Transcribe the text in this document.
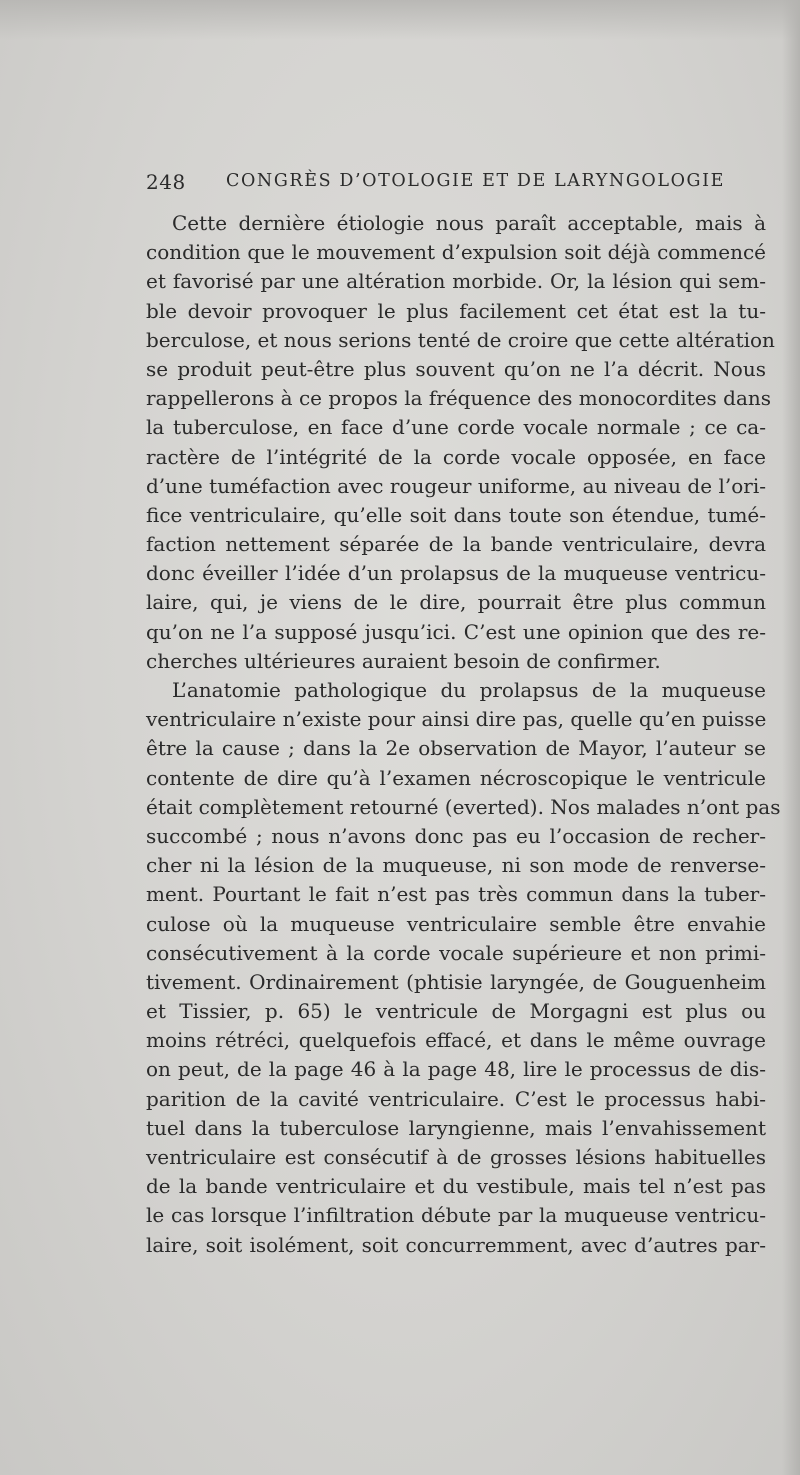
248 CONGRÈS D’OTOLOGIE ET DE LARYNGOLOGIE
Cette dernière étiologie nous paraît acceptable, mais à
condition que le mouvement d’expulsion soit déjà commencé
et favorisé par une altération morbide. Or, la lésion qui sem-
ble devoir provoquer le plus facilement cet état est la tu-
berculose, et nous serions tenté de croire que cette altération
se produit peut-être plus souvent qu’on ne l’a décrit. Nous
rappellerons à ce propos la fréquence des monocordites dans
la tuberculose, en face d’une corde vocale normale ; ce ca-
ractère de l’intégrité de la corde vocale opposée, en face
d’une tuméfaction avec rougeur uniforme, au niveau de l’ori-
fice ventriculaire, qu’elle soit dans toute son étendue, tumé-
faction nettement séparée de la bande ventriculaire, devra
donc éveiller l’idée d’un prolapsus de la muqueuse ventricu-
laire, qui, je viens de le dire, pourrait être plus commun
qu’on ne l’a supposé jusqu’ici. C’est une opinion que des re-
cherches ultérieures auraient besoin de confirmer.
L’anatomie pathologique du prolapsus de la muqueuse
ventriculaire n’existe pour ainsi dire pas, quelle qu’en puisse
être la cause ; dans la 2e observation de Mayor, l’auteur se
contente de dire qu’à l’examen nécroscopique le ventricule
était complètement retourné (everted). Nos malades n’ont pas
succombé ; nous n’avons donc pas eu l’occasion de recher-
cher ni la lésion de la muqueuse, ni son mode de renverse-
ment. Pourtant le fait n’est pas très commun dans la tuber-
culose où la muqueuse ventriculaire semble être envahie
consécutivement à la corde vocale supérieure et non primi-
tivement. Ordinairement (phtisie laryngée, de Gouguenheim
et Tissier, p. 65) le ventricule de Morgagni est plus ou
moins rétréci, quelquefois effacé, et dans le même ouvrage
on peut, de la page 46 à la page 48, lire le processus de dis-
parition de la cavité ventriculaire. C’est le processus habi-
tuel dans la tuberculose laryngienne, mais l’envahissement
ventriculaire est consécutif à de grosses lésions habituelles
de la bande ventriculaire et du vestibule, mais tel n’est pas
le cas lorsque l’infiltration débute par la muqueuse ventricu-
laire, soit isolément, soit concurremment, avec d’autres par-
